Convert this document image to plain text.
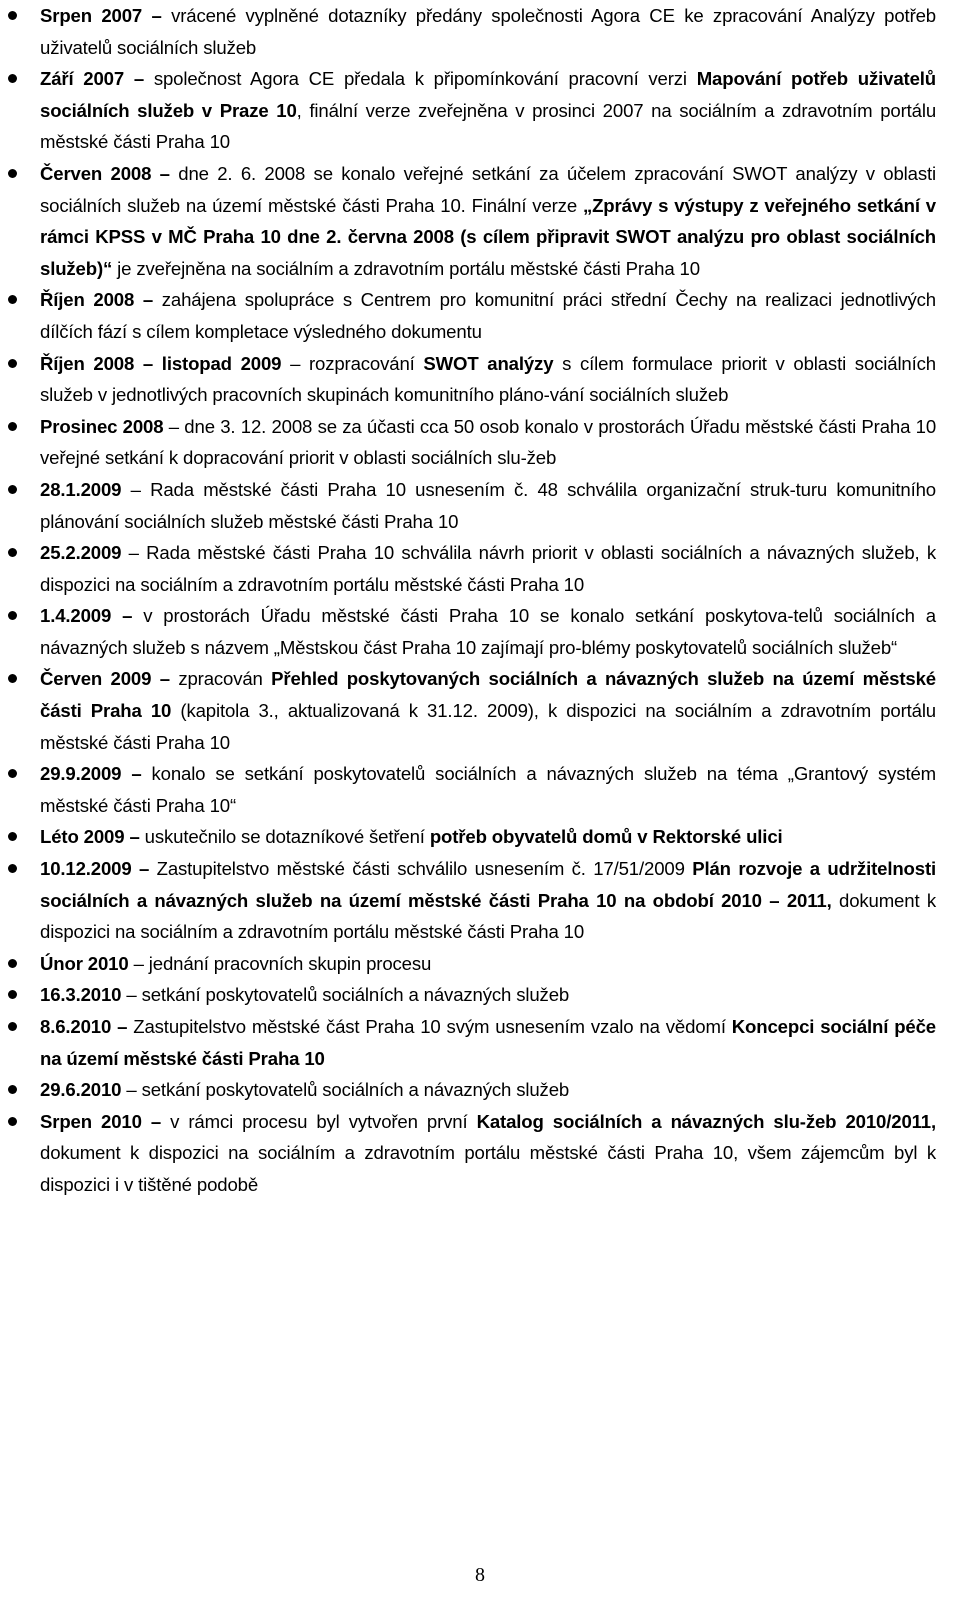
Srpen 2007 – vrácené vyplněné dotazníky předány společnosti Agora CE ke zpracování Analýzy potřeb uživatelů sociálních služeb
Září 2007 – společnost Agora CE předala k připomínkování pracovní verzi Mapování potřeb uživatelů sociálních služeb v Praze 10, finální verze zveřejněna v prosinci 2007 na sociálním a zdravotním portálu městské části Praha 10
Červen 2008 – dne 2. 6. 2008 se konalo veřejné setkání za účelem zpracování SWOT analýzy v oblasti sociálních služeb na území městské části Praha 10. Finální verze „Zprávy s výstupy z veřejného setkání v rámci KPSS v MČ Praha 10 dne 2. června 2008 (s cílem připravit SWOT analýzu pro oblast sociálních služeb)“ je zveřejněna na sociálním a zdravotním portálu městské části Praha 10
Říjen 2008 – zahájena spolupráce s Centrem pro komunitní práci střední Čechy na realizaci jednotlivých dílčích fází s cílem kompletace výsledného dokumentu
Říjen 2008 – listopad 2009 – rozpracování SWOT analýzy s cílem formulace priorit v oblasti sociálních služeb v jednotlivých pracovních skupinách komunitního pláno-vání sociálních služeb
Prosinec 2008 – dne 3. 12. 2008 se za účasti cca 50 osob konalo v prostorách Úřadu městské části Praha 10 veřejné setkání k dopracování priorit v oblasti sociálních slu-žeb
28.1.2009 – Rada městské části Praha 10 usnesením č. 48 schválila organizační struk-turu komunitního plánování sociálních služeb městské části Praha 10
25.2.2009 – Rada městské části Praha 10 schválila návrh priorit v oblasti sociálních a návazných služeb, k dispozici na sociálním a zdravotním portálu městské části Praha 10
1.4.2009 – v prostorách Úřadu městské části Praha 10 se konalo setkání poskytova-telů sociálních a návazných služeb s názvem „Městskou část Praha 10 zajímají pro-blémy poskytovatelů sociálních služeb“
Červen 2009 – zpracován Přehled poskytovaných sociálních a návazných služeb na území městské části Praha 10 (kapitola 3., aktualizovaná k 31.12. 2009), k dispozici na sociálním a zdravotním portálu městské části Praha 10
29.9.2009 – konalo se setkání poskytovatelů sociálních a návazných služeb na téma „Grantový systém městské části Praha 10“
Léto 2009 – uskutečnilo se dotazníkové šetření potřeb obyvatelů domů v Rektorské ulici
10.12.2009 – Zastupitelstvo městské části schválilo usnesením č. 17/51/2009 Plán rozvoje a udržitelnosti sociálních a návazných služeb na území městské části Praha 10 na období 2010 – 2011, dokument k dispozici na sociálním a zdravotním portálu městské části Praha 10
Únor 2010 – jednání pracovních skupin procesu
16.3.2010 – setkání poskytovatelů sociálních a návazných služeb
8.6.2010 – Zastupitelstvo městské část Praha 10 svým usnesením vzalo na vědomí Koncepci sociální péče na území městské části Praha 10
29.6.2010 – setkání poskytovatelů sociálních a návazných služeb
Srpen 2010 – v rámci procesu byl vytvořen první Katalog sociálních a návazných slu-žeb 2010/2011, dokument k dispozici na sociálním a zdravotním portálu městské části Praha 10, všem zájemcům byl k dispozici i v tištěné podobě
8
